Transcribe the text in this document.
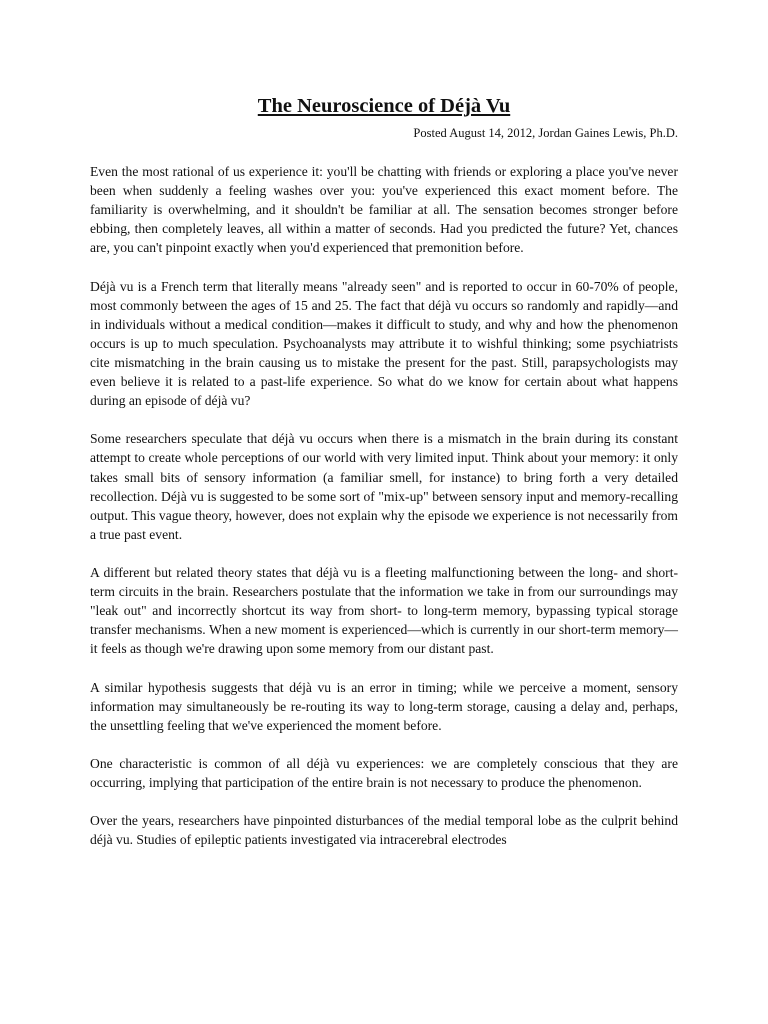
The Neuroscience of Déjà Vu
Posted August 14, 2012, Jordan Gaines Lewis, Ph.D.

Even the most rational of us experience it: you'll be chatting with friends or exploring a place you've never been when suddenly a feeling washes over you: you've experienced this exact moment before. The familiarity is overwhelming, and it shouldn't be familiar at all. The sensation becomes stronger before ebbing, then completely leaves, all within a matter of seconds. Had you predicted the future? Yet, chances are, you can't pinpoint exactly when you'd experienced that premonition before.

Déjà vu is a French term that literally means "already seen" and is reported to occur in 60-70% of people, most commonly between the ages of 15 and 25. The fact that déjà vu occurs so randomly and rapidly—and in individuals without a medical condition—makes it difficult to study, and why and how the phenomenon occurs is up to much speculation. Psychoanalysts may attribute it to wishful thinking; some psychiatrists cite mismatching in the brain causing us to mistake the present for the past. Still, parapsychologists may even believe it is related to a past-life experience. So what do we know for certain about what happens during an episode of déjà vu?

Some researchers speculate that déjà vu occurs when there is a mismatch in the brain during its constant attempt to create whole perceptions of our world with very limited input. Think about your memory: it only takes small bits of sensory information (a familiar smell, for instance) to bring forth a very detailed recollection. Déjà vu is suggested to be some sort of "mix-up" between sensory input and memory-recalling output. This vague theory, however, does not explain why the episode we experience is not necessarily from a true past event.

A different but related theory states that déjà vu is a fleeting malfunctioning between the long- and short-term circuits in the brain. Researchers postulate that the information we take in from our surroundings may "leak out" and incorrectly shortcut its way from short- to long-term memory, bypassing typical storage transfer mechanisms. When a new moment is experienced—which is currently in our short-term memory—it feels as though we're drawing upon some memory from our distant past.

A similar hypothesis suggests that déjà vu is an error in timing; while we perceive a moment, sensory information may simultaneously be re-routing its way to long-term storage, causing a delay and, perhaps, the unsettling feeling that we've experienced the moment before.

One characteristic is common of all déjà vu experiences: we are completely conscious that they are occurring, implying that participation of the entire brain is not necessary to produce the phenomenon.

Over the years, researchers have pinpointed disturbances of the medial temporal lobe as the culprit behind déjà vu. Studies of epileptic patients investigated via intracerebral electrodes
